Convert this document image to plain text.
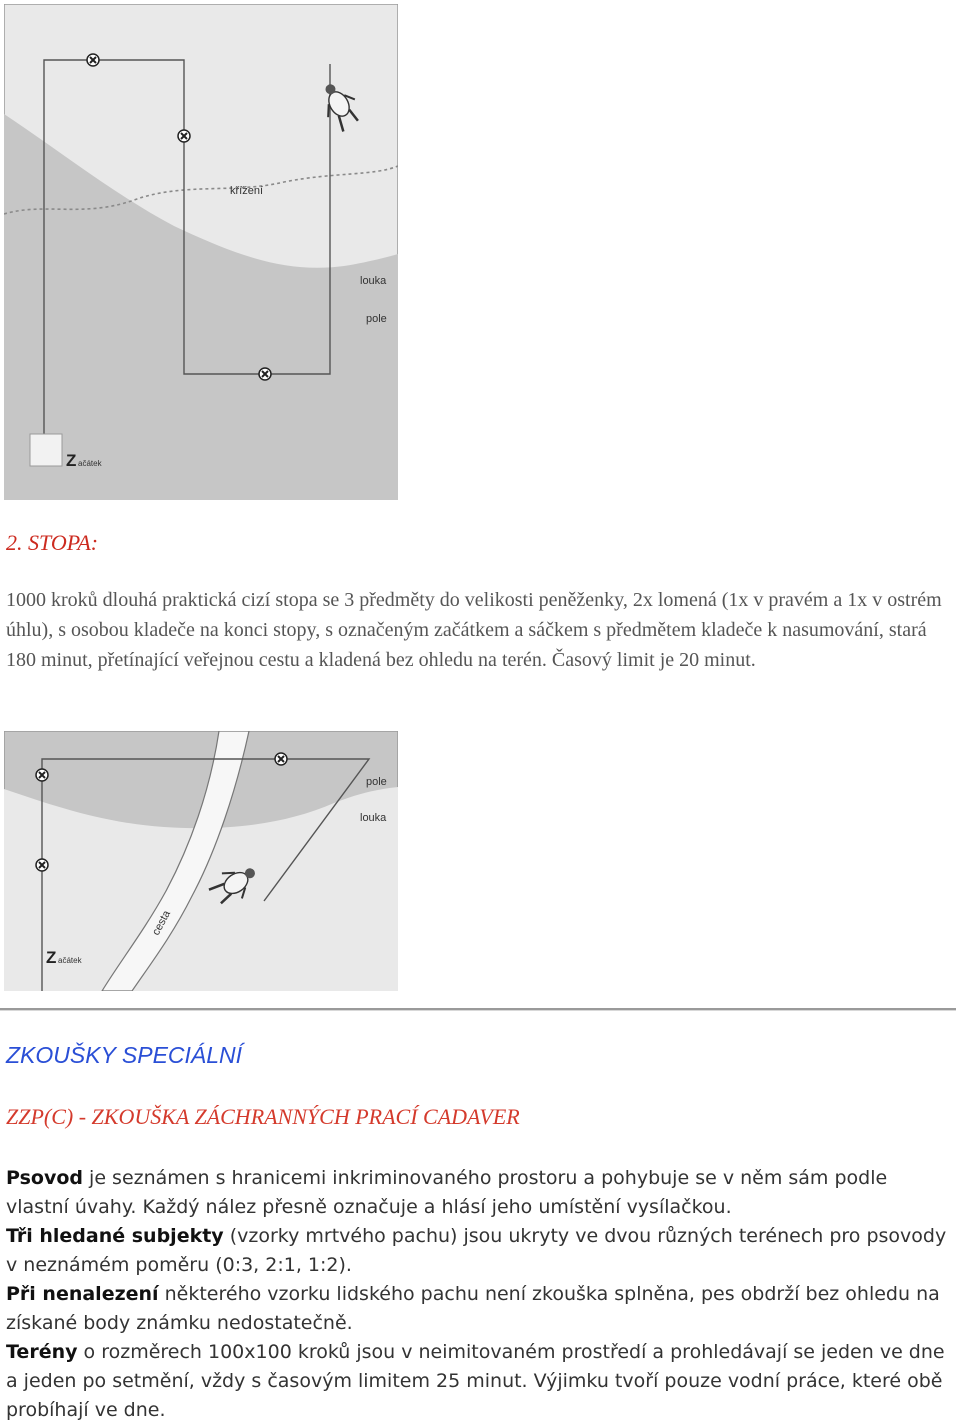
křížení
louka
pole
Z ačátek
2. STOPA:

1000 kroků dlouhá praktická cizí stopa se 3 předměty do velikosti peněženky, 2x lomená (1x v pravém a 1x v ostrém úhlu), s osobou kladeče na konci stopy, s označeným začátkem a sáčkem s předmětem kladeče k nasumování, stará 180 minut, přetínající veřejnou cestu a kladená bez ohledu na terén. Časový limit je 20 minut.

pole
louka
cesta
Z ačátek
ZKOUŠKY SPECIÁLNÍ
ZZP(C) - ZKOUŠKA ZÁCHRANNÝCH PRACÍ CADAVER
Psovod je seznámen s hranicemi inkriminovaného prostoru a pohybuje se v něm sám podle vlastní úvahy. Každý nález přesně označuje a hlásí jeho umístění vysílačkou.
Tři hledané subjekty (vzorky mrtvého pachu) jsou ukryty ve dvou různých terénech pro psovody v neznámém poměru (0:3, 2:1, 1:2).
Při nenalezení některého vzorku lidského pachu není zkouška splněna, pes obdrží bez ohledu na získané body známku nedostatečně.
Terény o rozměrech 100x100 kroků jsou v neimitovaném prostředí a prohledávají se jeden ve dne a jeden po setmění, vždy s časovým limitem 25 minut. Výjimku tvoří pouze vodní práce, které obě probíhají ve dne.
